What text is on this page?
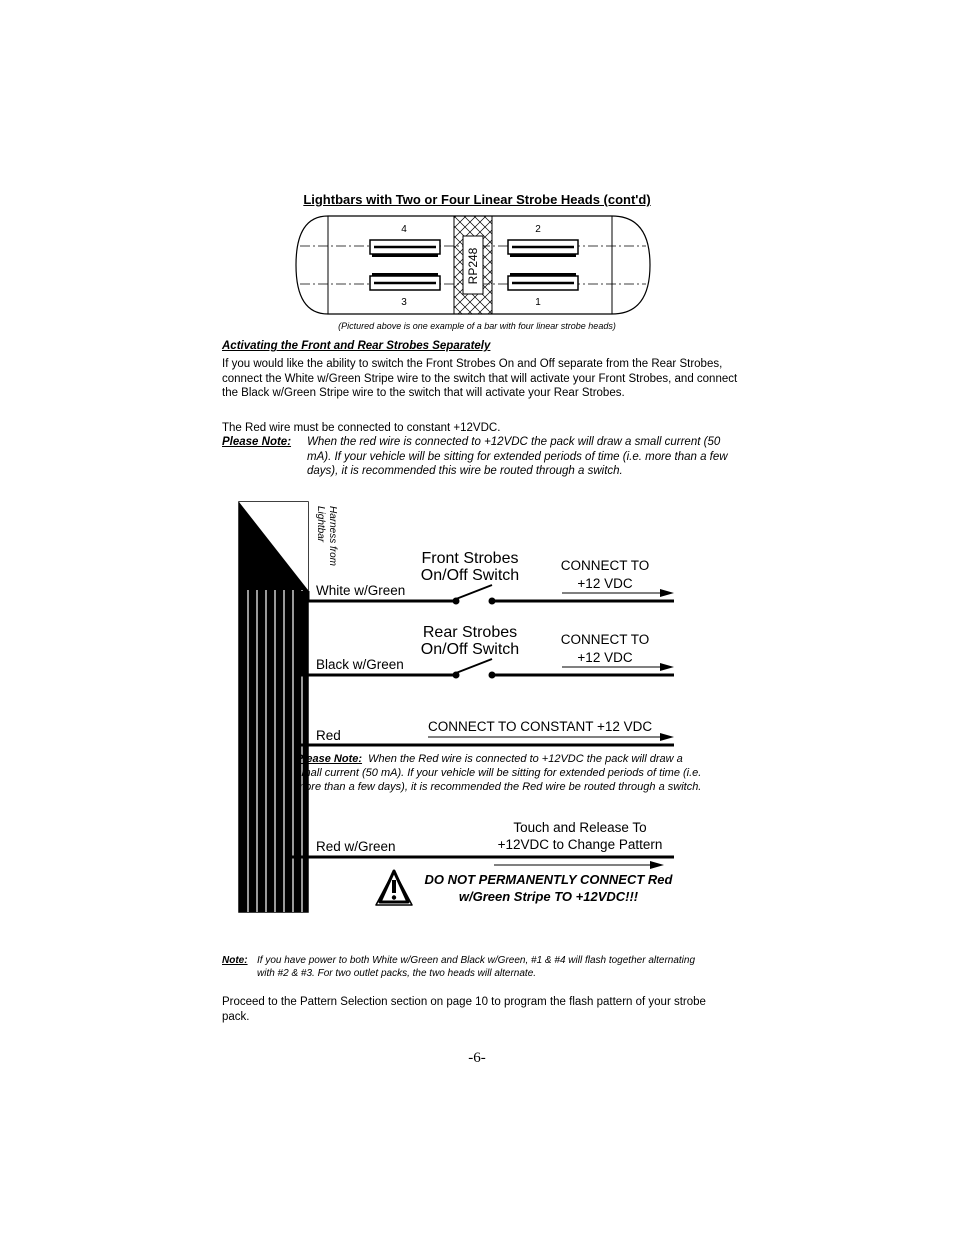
Lightbars with Two or Four Linear Strobe Heads (cont'd)
4	2
3	1
RP248
(Pictured above is one example of a bar with four linear strobe heads)
Activating the Front and Rear Strobes Separately
If you would like the ability to switch the Front Strobes On and Off separate from the Rear Strobes, connect the White w/Green Stripe wire to the switch that will activate your Front Strobes, and connect the Black w/Green Stripe wire to the switch that will activate your Rear Strobes.
The Red wire must be connected to constant +12VDC.
Please Note:	When the red wire is connected to +12VDC the pack will draw a small current (50 mA). If your vehicle will be sitting for extended periods of time (i.e. more than a few days), it is recommended this wire be routed through a switch.
Harness from Lightbar
White w/Green
Front Strobes On/Off Switch
CONNECT TO +12 VDC
Black w/Green
Rear Strobes On/Off Switch
CONNECT TO +12 VDC
Red
CONNECT TO CONSTANT +12 VDC
Please Note: When the Red wire is connected to +12VDC the pack will draw a small current (50 mA). If your vehicle will be sitting for extended periods of time (i.e. more than a few days), it is recommended the Red wire be routed through a switch.
Red w/Green
Touch and Release To +12VDC to Change Pattern
DO NOT PERMANENTLY CONNECT Red w/Green Stripe TO +12VDC!!!
Note: If you have power to both White w/Green and Black w/Green, #1 & #4 will flash together alternating with #2 & #3. For two outlet packs, the two heads will alternate.
Proceed to the Pattern Selection section on page 10 to program the flash pattern of your strobe pack.
-6-
